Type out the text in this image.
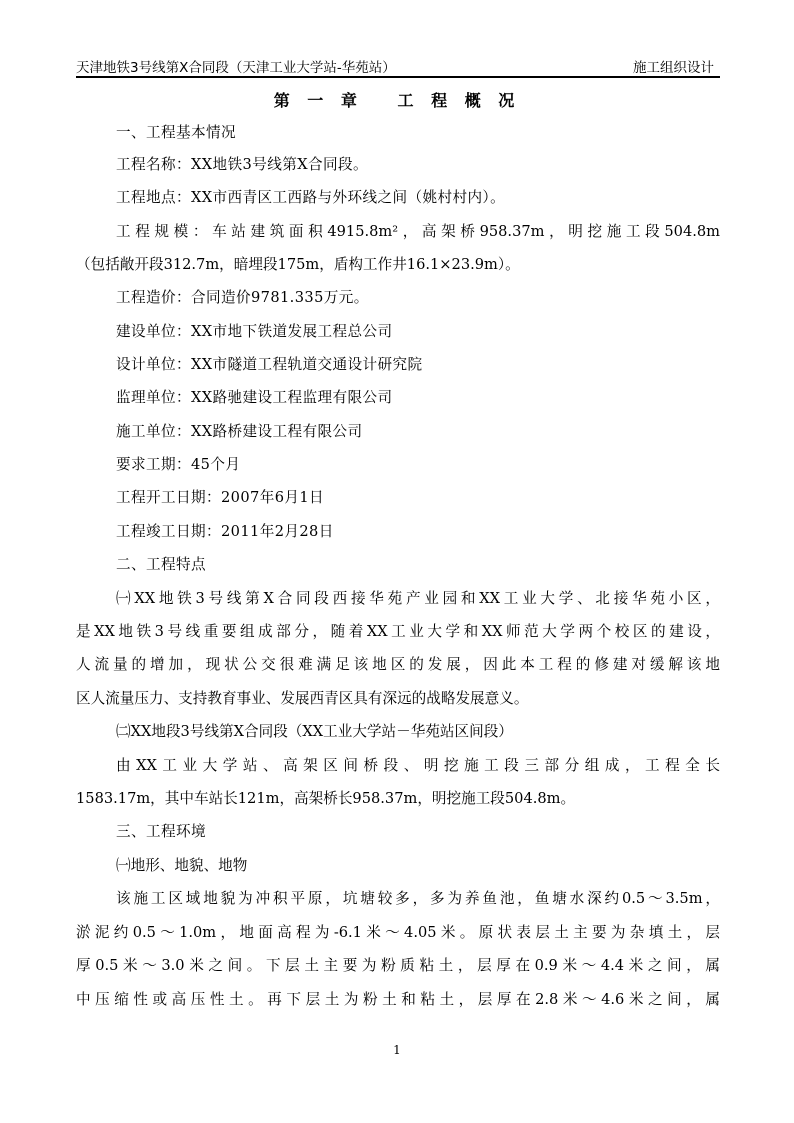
天津地铁3号线第X合同段（天津工业大学站-华苑站）	施工组织设计
第 一 章   工 程 概 况
一、工程基本情况
工程名称：XX地铁3号线第X合同段。
工程地点：XX市西青区工西路与外环线之间（姚村村内）。
工程规模：车站建筑面积4915.8m²，高架桥958.37m，明挖施工段504.8m
（包括敞开段312.7m，暗埋段175m，盾构工作井16.1×23.9m）。
工程造价：合同造价9781.335万元。
建设单位：XX市地下铁道发展工程总公司
设计单位：XX市隧道工程轨道交通设计研究院
监理单位：XX路驰建设工程监理有限公司
施工单位：XX路桥建设工程有限公司
要求工期：45个月
工程开工日期：2007年6月1日
工程竣工日期：2011年2月28日
二、工程特点
㈠XX地铁3号线第X合同段西接华苑产业园和XX工业大学、北接华苑小区，
是XX地铁3号线重要组成部分，随着XX工业大学和XX师范大学两个校区的建设，
人流量的增加，现状公交很难满足该地区的发展，因此本工程的修建对缓解该地
区人流量压力、支持教育事业、发展西青区具有深远的战略发展意义。
㈡XX地段3号线第X合同段（XX工业大学站－华苑站区间段）
由XX工业大学站、高架区间桥段、明挖施工段三部分组成，工程全长
1583.17m，其中车站长121m，高架桥长958.37m，明挖施工段504.8m。
三、工程环境
㈠地形、地貌、地物
该施工区域地貌为冲积平原，坑塘较多，多为养鱼池，鱼塘水深约0.5～3.5m，
淤泥约0.5～1.0m，地面高程为-6.1米～4.05米。原状表层土主要为杂填土，层
厚0.5米～3.0米之间。下层土主要为粉质粘土，层厚在0.9米～4.4米之间，属
中压缩性或高压性土。再下层土为粉土和粘土，层厚在2.8米～4.6米之间，属
1
